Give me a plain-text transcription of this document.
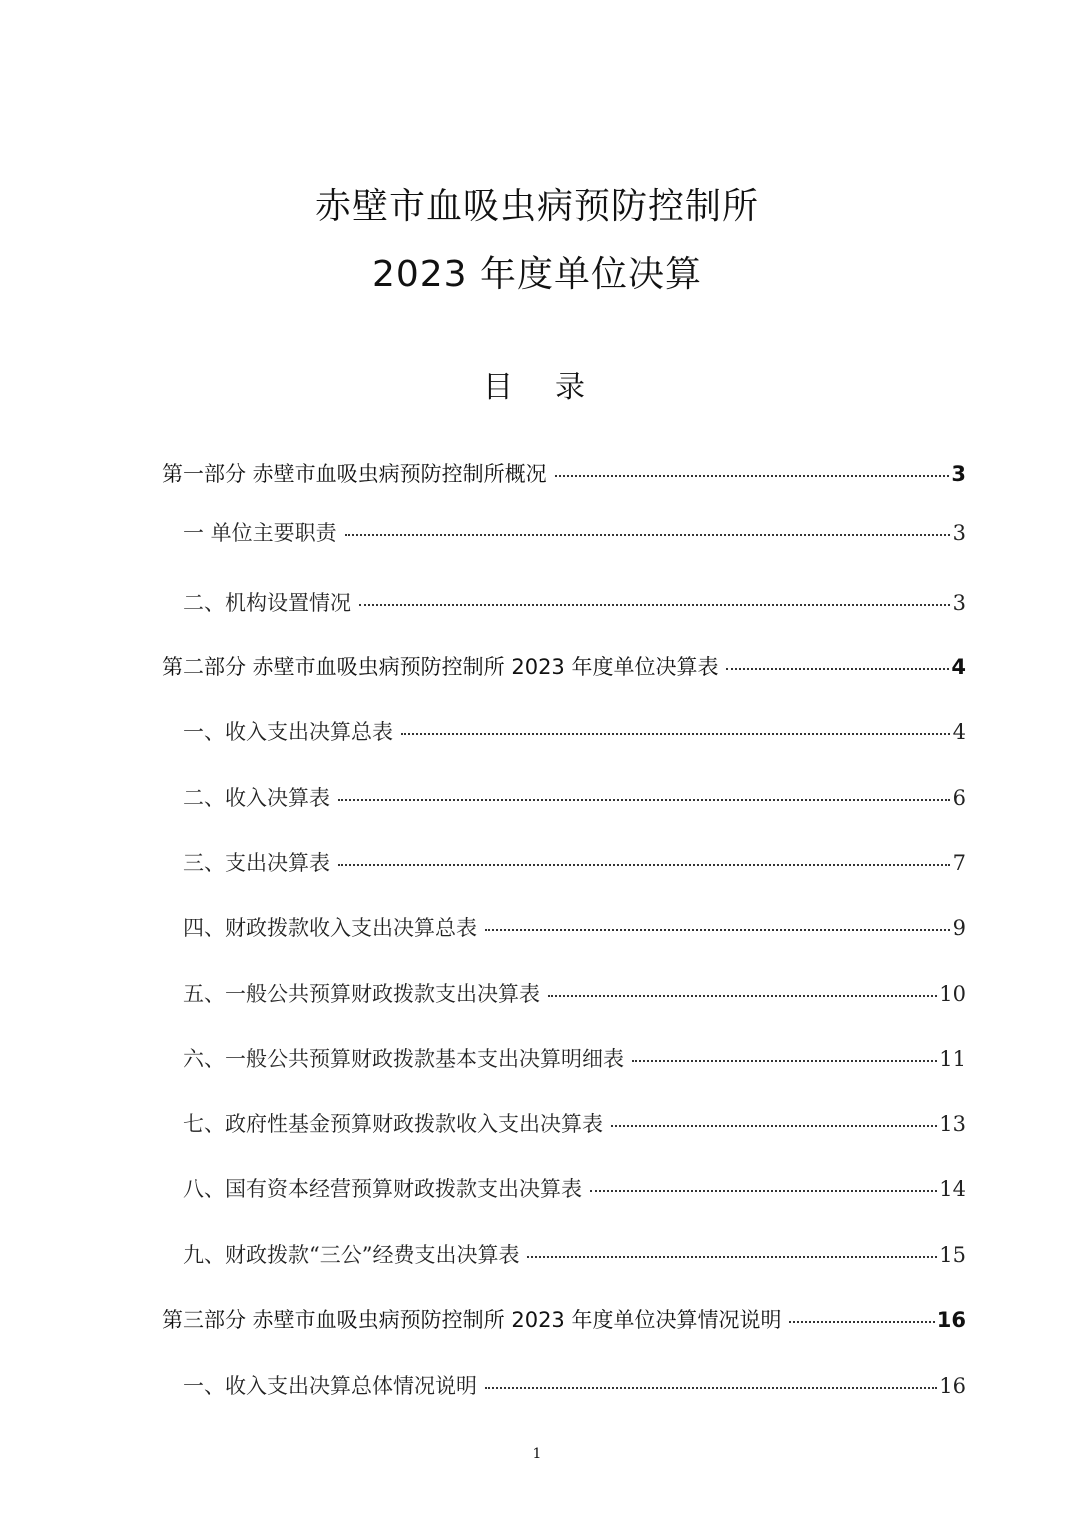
赤壁市血吸虫病预防控制所
2023 年度单位决算
目　录
第一部分 赤壁市血吸虫病预防控制所概况	3
一 单位主要职责	3
二、机构设置情况	3
第二部分 赤壁市血吸虫病预防控制所 2023 年度单位决算表	4
一、收入支出决算总表	4
二、收入决算表	6
三、支出决算表	7
四、财政拨款收入支出决算总表	9
五、一般公共预算财政拨款支出决算表	10
六、一般公共预算财政拨款基本支出决算明细表	11
七、政府性基金预算财政拨款收入支出决算表	13
八、国有资本经营预算财政拨款支出决算表	14
九、财政拨款“三公”经费支出决算表	15
第三部分 赤壁市血吸虫病预防控制所 2023 年度单位决算情况说明	16
一、收入支出决算总体情况说明	16
1
